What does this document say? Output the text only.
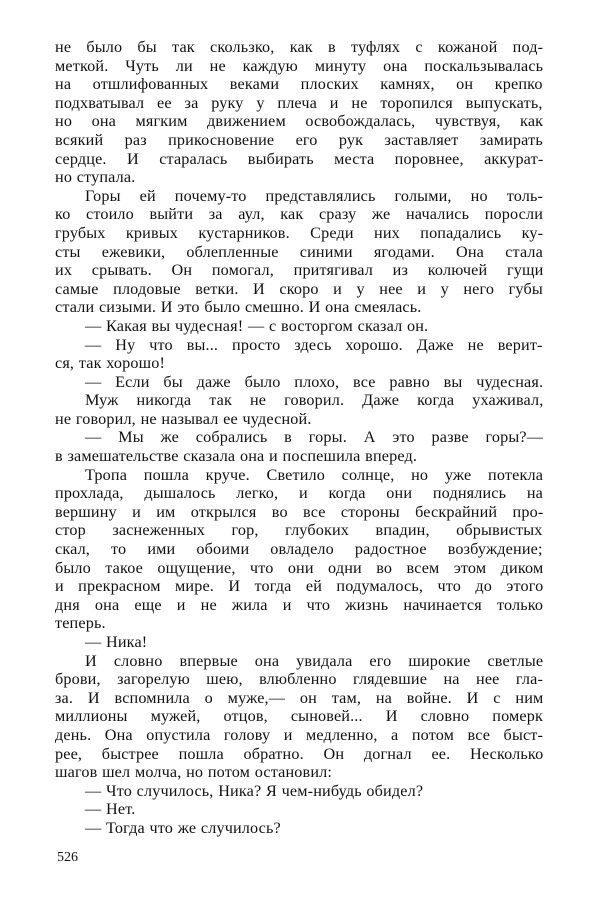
не было бы так скользко, как в туфлях с кожаной под-
меткой. Чуть ли не каждую минуту она поскальзывалась
на отшлифованных веками плоских камнях, он крепко
подхватывал ее за руку у плеча и не торопился выпускать,
но она мягким движением освобождалась, чувствуя, как
всякий раз прикосновение его рук заставляет замирать
сердце. И старалась выбирать места поровнее, аккурат-
но ступала.
Горы ей почему-то представлялись голыми, но толь-
ко стоило выйти за аул, как сразу же начались поросли
грубых кривых кустарников. Среди них попадались ку-
сты ежевики, облепленные синими ягодами. Она стала
их срывать. Он помогал, притягивал из колючей гущи
самые плодовые ветки. И скоро и у нее и у него губы
стали сизыми. И это было смешно. И она смеялась.
— Какая вы чудесная! — с восторгом сказал он.
— Ну что вы... просто здесь хорошо. Даже не верит-
ся, так хорошо!
— Если бы даже было плохо, все равно вы чудесная.
Муж никогда так не говорил. Даже когда ухаживал,
не говорил, не называл ее чудесной.
— Мы же собрались в горы. А это разве горы?—
в замешательстве сказала она и поспешила вперед.
Тропа пошла круче. Светило солнце, но уже потекла
прохлада, дышалось легко, и когда они поднялись на
вершину и им открылся во все стороны бескрайний про-
стор заснеженных гор, глубоких впадин, обрывистых
скал, то ими обоими овладело радостное возбуждение;
было такое ощущение, что они одни во всем этом диком
и прекрасном мире. И тогда ей подумалось, что до этого
дня она еще и не жила и что жизнь начинается только
теперь.
— Ника!
И словно впервые она увидала его широкие светлые
брови, загорелую шею, влюбленно глядевшие на нее гла-
за. И вспомнила о муже,— он там, на войне. И с ним
миллионы мужей, отцов, сыновей... И словно померк
день. Она опустила голову и медленно, а потом все быст-
рее, быстрее пошла обратно. Он догнал ее. Несколько
шагов шел молча, но потом остановил:
— Что случилось, Ника? Я чем-нибудь обидел?
— Нет.
— Тогда что же случилось?
526
